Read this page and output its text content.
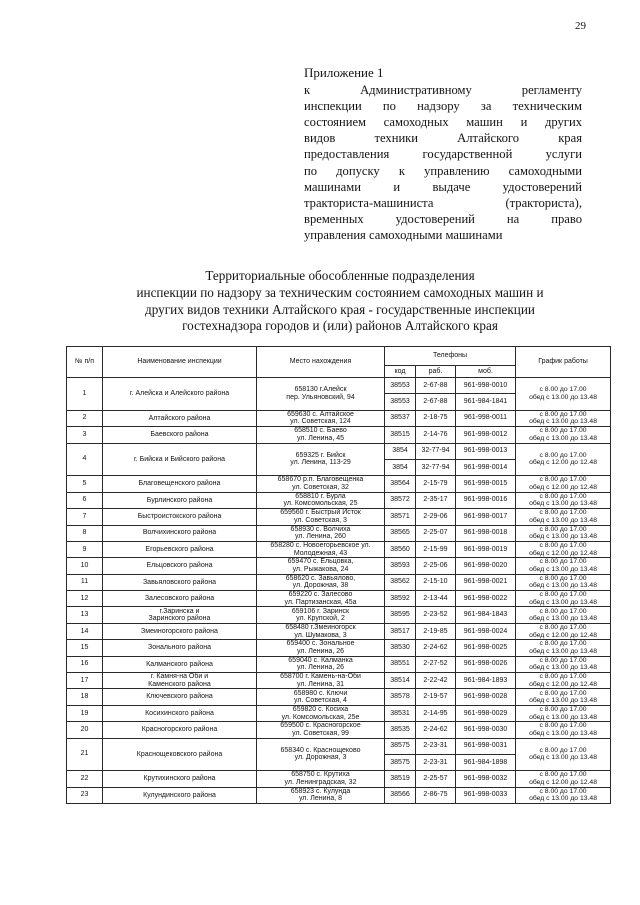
29
Приложение 1
к Административному регламенту
инспекции по надзору за техническим
состоянием самоходных машин и других
видов техники Алтайского края
предоставления государственной услуги
по допуску к управлению самоходными
машинами и выдаче удостоверений
тракториста-машиниста (тракториста),
временных удостоверений на право
управления самоходными машинами
Территориальные обособленные подразделения
инспекции по надзору за техническим состоянием самоходных машин и
других видов техники Алтайского края - государственные инспекции
гостехнадзора городов и (или) районов Алтайского края
№ п/п	Наименование инспекции	Место нахождения	Телефоны			График работы
			код	раб.	моб.	
1	г. Алейска и Алейского района	658130 г.Алейск
пер. Ульяновский, 94	38553	2-67-88	961-998-0010	с 8.00 до 17.00
обед с 13.00 до 13.48

			38553	2-67-88	961-984-1841	
2	Алтайского района	659630 с. Алтайское
ул. Советская, 124	38537	2-18-75	961-998-0011	с 8.00 до 17.00
обед с 13.00 до 13.48

3	Баевского района	658510 с. Баево
ул. Ленина, 45	38515	2-14-76	961-998-0012	с 8.00 до 17.00
обед с 13.00 до 13.48

4	г. Бийска и Бийского района	659325 г. Бийск
ул. Ленина, 113-29	3854	32-77-94	961-998-0013	с 8.00 до 17.00
обед с 12.00 до 12.48

			3854	32-77-94	961-998-0014	
5	Благовещенского района	658670 р.п. Благовещенка
ул. Советская, 32	38564	2-15-79	961-998-0015	с 8.00 до 17.00
обед с 12.00 до 12.48

6	Бурлинского района	658810 г. Бурла
ул. Комсомольская, 25	38572	2-35-17	961-998-0016	с 8.00 до 17.00
обед с 13.00 до 13.48

7	Быстроистокского района	659560 г. Быстрый Исток
ул. Советская, 3	38571	2-29-06	961-998-0017	с 8.00 до 17.00
обед с 13.00 до 13.48

8	Волчихинского района	658930 с. Волчиха
ул. Ленина, 260	38565	2-25-07	961-998-0018	с 8.00 до 17.00
обед с 13.00 до 13.48

9	Егорьевского района	658280 с. Новоегорьевское ул.
Молодежная, 43	38560	2-15-99	961-998-0019	с 8.00 до 17.00
обед с 12.00 до 12.48

10	Ельцовского района	659470 с. Ельцовка,
ул. Рыжакова, 24	38593	2-25-06	961-998-0020	с 8.00 до 17.00
обед с 13.00 до 13.48

11	Завьяловского района	658620 с. Завьялово,
ул. Дорожная, 38	38562	2-15-10	961-998-0021	с 8.00 до 17.00
обед с 13.00 до 13.48

12	Залесовского района	659220 с. Залесово
ул. Партизанская, 45а	38592	2-13-44	961-998-0022	с 8.00 до 17.00
обед с 13.00 до 13.48

13	г.Заринска и
Заринского района	659106 г. Заринск
ул. Крупской, 2	38595	2-23-52	961-984-1843	с 8.00 до 17.00
обед с 13.00 до 13.48

14	Змеиногорского района	658480 г.Змеиногорск
ул. Шумакова, 3	38517	2-19-85	961-998-0024	с 8.00 до 17.00
обед с 12.00 до 12.48

15	Зонального района	659400 с. Зональное
ул. Ленина, 26	38530	2-24-62	961-998-0025	с 8.00 до 17.00
обед с 13.00 до 13.48

16	Калманского района	659040 с. Калманка
ул. Ленина, 26	38551	2-27-52	961-998-0026	с 8.00 до 17.00
обед с 13.00 до 13.48

17	г. Камня-на Оби и
Каменского района	658700 г. Камень-на-Оби
ул. Ленина, 31	38514	2-22-42	961-984-1893	с 8.00 до 17.00
обед с 12.00 до 12.48

18	Ключевского района	658980 с. Ключи
ул. Советская, 4	38578	2-19-57	961-998-0028	с 8.00 до 17.00
обед с 13.00 до 13.48

19	Косихинского района	659820 с. Косиха
ул. Комсомольская, 25е	38531	2-14-95	961-998-0029	с 8.00 до 17.00
обед с 13.00 до 13.48

20	Красногорского района	659500 с. Красногорское
ул. Советская, 99	38535	2-24-62	961-998-0030	с 8.00 до 17.00
обед с 13.00 до 13.48

21	Краснощековского района	658340 с. Краснощеково
ул. Дорожная, 3	38575	2-23-31	961-998-0031	с 8.00 до 17.00
обед с 13.00 до 13.48

			38575	2-23-31	961-984-1898	
22	Крутихинского района	658750 с. Крутиха
ул. Ленинградская, 32	38519	2-25-57	961-998-0032	с 8.00 до 17.00
обед с 12.00 до 12.48

23	Кулундинского района	658923 с. Кулунда
ул. Ленина, 8	38566	2-86-75	961-998-0033	с 8.00 до 17.00
обед с 13.00 до 13.48
